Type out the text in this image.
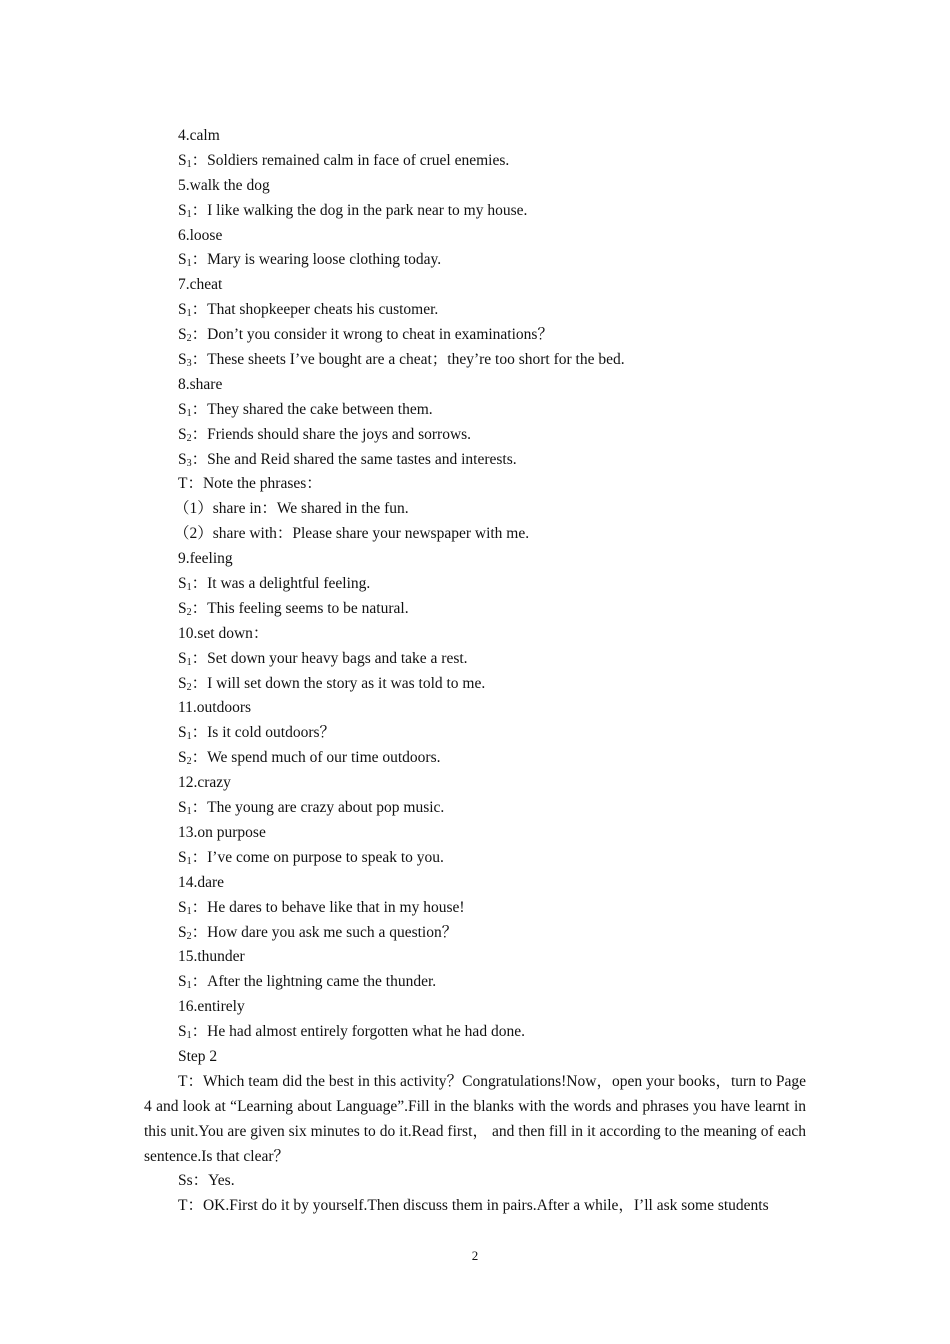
4.calm
$S_1$：Soldiers remained calm in face of cruel enemies.
5.walk the dog
$S_1$：I like walking the dog in the park near to my house.
6.loose
$S_1$：Mary is wearing loose clothing today.
7.cheat
$S_1$：That shopkeeper cheats his customer.
$S_2$：Don’t you consider it wrong to cheat in examinations？
$S_3$：These sheets I’ve bought are a cheat；they’re too short for the bed.
8.share
$S_1$：They shared the cake between them.
$S_2$：Friends should share the joys and sorrows.
$S_3$：She and Reid shared the same tastes and interests.
T：Note the phrases：
（1）share in：We shared in the fun.
（2）share with：Please share your newspaper with me.
9.feeling
$S_1$：It was a delightful feeling.
$S_2$：This feeling seems to be natural.
10.set down：
$S_1$：Set down your heavy bags and take a rest.
$S_2$：I will set down the story as it was told to me.
11.outdoors
$S_1$：Is it cold outdoors？
$S_2$：We spend much of our time outdoors.
12.crazy
$S_1$：The young are crazy about pop music.
13.on purpose
$S_1$：I’ve come on purpose to speak to you.
14.dare
$S_1$：He dares to behave like that in my house!
$S_2$：How dare you ask me such a question？
15.thunder
$S_1$：After the lightning came the thunder.
16.entirely
$S_1$：He had almost entirely forgotten what he had done.
Step 2

T：Which team did the best in this activity？Congratulations!Now，open your books，turn to Page 4 and look at “Learning about Language”.Fill in the blanks with the words and phrases you have learnt in this unit.You are given six minutes to do it.Read first， and then fill in it according to the meaning of each sentence.Is that clear？

Ss：Yes.

T：OK.First do it by yourself.Then discuss them in pairs.After a while，I’ll ask some students

2
